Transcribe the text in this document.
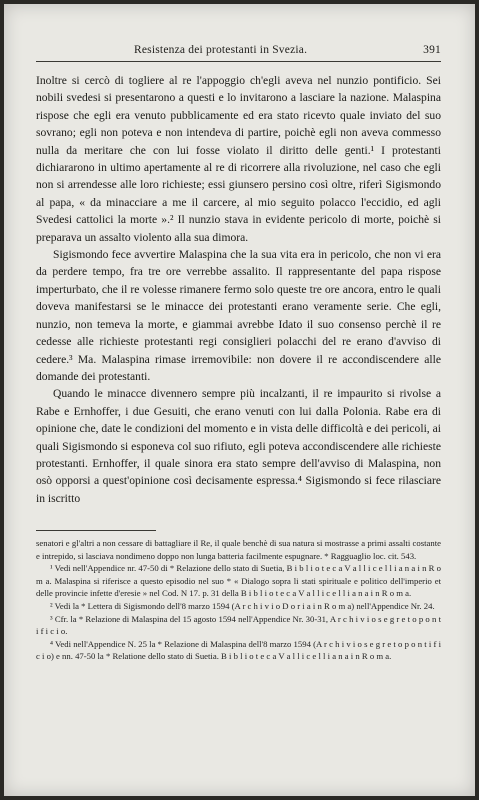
Resistenza dei protestanti in Svezia.	391

Inoltre si cercò di togliere al re l'appoggio ch'egli aveva nel nunzio pontificio. Sei nobili svedesi si presentarono a questi e lo invitarono a lasciare la nazione. Malaspina rispose che egli era venuto pubblicamente ed era stato ricevto quale inviato del suo sovrano; egli non poteva e non intendeva di partire, poichè egli non aveva commesso nulla da meritare che con lui fosse violato il diritto delle genti.¹ I protestanti dichiararono in ultimo apertamente al re di ricorrere alla rivoluzione, nel caso che egli non si arrendesse alle loro richieste; essi giunsero persino così oltre, riferì Sigismondo al papa, « da minacciare a me il carcere, al mio seguito polacco l'eccidio, ed agli Svedesi cattolici la morte ».² Il nunzio stava in evidente pericolo di morte, poichè si preparava un assalto violento alla sua dimora.

Sigismondo fece avvertire Malaspina che la sua vita era in pericolo, che non vi era da perdere tempo, fra tre ore verrebbe assalito. Il rappresentante del papa rispose imperturbato, che il re volesse rimanere fermo solo queste tre ore ancora, entro le quali doveva manifestarsi se le minacce dei protestanti erano veramente serie. Che egli, nunzio, non temeva la morte, e giammai avrebbe Idato il suo consenso perchè il re cedesse alle richieste protestanti regi consiglieri polacchi del re erano d'avviso di cedere.³ Ma. Malaspina rimase irremovibile: non dovere il re accondiscendere alle domande dei protestanti.

Quando le minacce divennero sempre più incalzanti, il re impaurito si rivolse a Rabe e Ernhoffer, i due Gesuiti, che erano venuti con lui dalla Polonia. Rabe era di opinione che, date le condizioni del momento e in vista delle difficoltà e dei pericoli, ai quali Sigismondo si esponeva col suo rifiuto, egli poteva accondiscendere alle richieste protestanti. Ernhoffer, il quale sinora era stato sempre dell'avviso di Malaspina, non osò opporsi a quest'opinione così decisamente espressa.⁴ Sigismondo si fece rilasciare in iscritto

senatori e gl'altri a non cessare di battagliare il Re, il quale benchè di sua natura si mostrasse a primi assalti costante e intrepido, si lasciava nondimeno doppo non lunga batteria facilmente espugnare. * Ragguaglio loc. cit. 543.

¹ Vedi nell'Appendice nr. 47-50 di * Relazione dello stato di Suetia, B i b l i o t e c a V a l l i c e l l i a n a i n R o m a. Malaspina si riferisce a questo episodio nel suo * « Dialogo sopra li stati spirituale e politico dell'imperio et delle provincie infette d'eresie » nel Cod. N 17. p. 31 della B i b l i o t e c a V a l l i c e l l i a n a i n R o m a.

² Vedi la * Lettera di Sigismondo dell'8 marzo 1594 (A r c h i v i o D o r i a i n R o m a) nell'Appendice Nr. 24.

³ Cfr. la * Relazione di Malaspina del 15 agosto 1594 nell'Appendice Nr. 30-31, A r c h i v i o s e g r e t o p o n t i f i c i o.

⁴ Vedi nell'Appendice N. 25 la * Relazione di Malaspina dell'8 marzo 1594 (A r c h i v i o s e g r e t o p o n t i f i c i o) e nn. 47-50 la * Relatione dello stato di Suetia. B i b l i o t e c a V a l l i c e l l i a n a i n R o m a.
